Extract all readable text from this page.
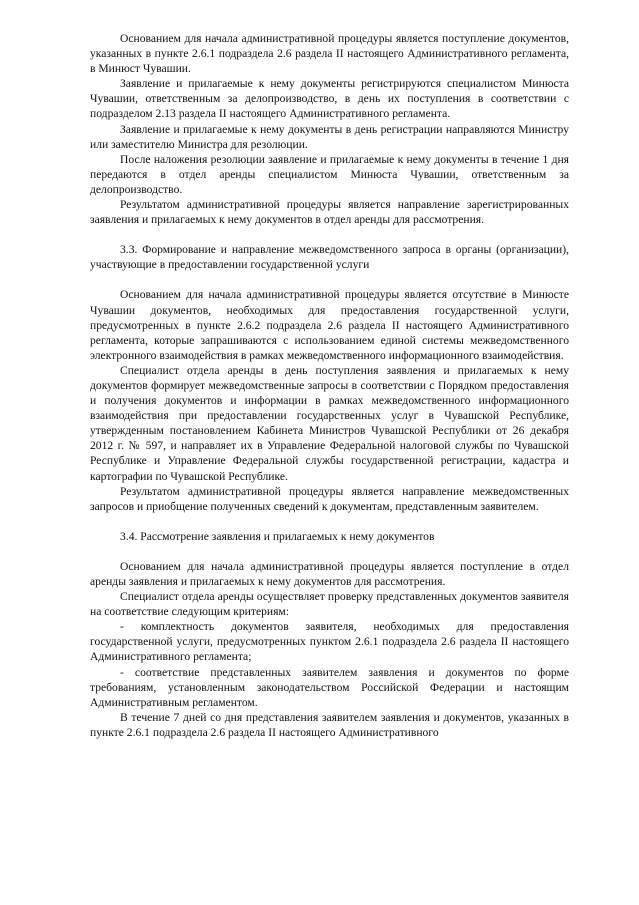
Основанием для начала административной процедуры является поступление документов, указанных в пункте 2.6.1 подраздела 2.6 раздела II настоящего Административного регламента, в Минюст Чувашии.

Заявление и прилагаемые к нему документы регистрируются специалистом Минюста Чувашии, ответственным за делопроизводство, в день их поступления в соответствии с подразделом 2.13 раздела II настоящего Административного регламента.

Заявление и прилагаемые к нему документы в день регистрации направляются Министру или заместителю Министра для резолюции.

После наложения резолюции заявление и прилагаемые к нему документы в течение 1 дня передаются в отдел аренды специалистом Минюста Чувашии, ответственным за делопроизводство.

Результатом административной процедуры является направление зарегистрированных заявления и прилагаемых к нему документов в отдел аренды для рассмотрения.

3.3. Формирование и направление межведомственного запроса в органы (организации), участвующие в предоставлении государственной услуги

Основанием для начала административной процедуры является отсутствие в Минюсте Чувашии документов, необходимых для предоставления государственной услуги, предусмотренных в пункте 2.6.2 подраздела 2.6 раздела II настоящего Административного регламента, которые запрашиваются с использованием единой системы межведомственного электронного взаимодействия в рамках межведомственного информационного взаимодействия.

Специалист отдела аренды в день поступления заявления и прилагаемых к нему документов формирует межведомственные запросы в соответствии с Порядком предоставления и получения документов и информации в рамках межведомственного информационного взаимодействия при предоставлении государственных услуг в Чувашской Республике, утвержденным постановлением Кабинета Министров Чувашской Республики от 26 декабря 2012 г. № 597, и направляет их в Управление Федеральной налоговой службы по Чувашской Республике и Управление Федеральной службы государственной регистрации, кадастра и картографии по Чувашской Республике.

Результатом административной процедуры является направление межведомственных запросов и приобщение полученных сведений к документам, представленным заявителем.

3.4. Рассмотрение заявления и прилагаемых к нему документов

Основанием для начала административной процедуры является поступление в отдел аренды заявления и прилагаемых к нему документов для рассмотрения.

Специалист отдела аренды осуществляет проверку представленных документов заявителя на соответствие следующим критериям:

- комплектность документов заявителя, необходимых для предоставления государственной услуги, предусмотренных пунктом 2.6.1 подраздела 2.6 раздела II настоящего Административного регламента;

- соответствие представленных заявителем заявления и документов по форме требованиям, установленным законодательством Российской Федерации и настоящим Административным регламентом.

В течение 7 дней со дня представления заявителем заявления и документов, указанных в пункте 2.6.1 подраздела 2.6 раздела II настоящего Административного
